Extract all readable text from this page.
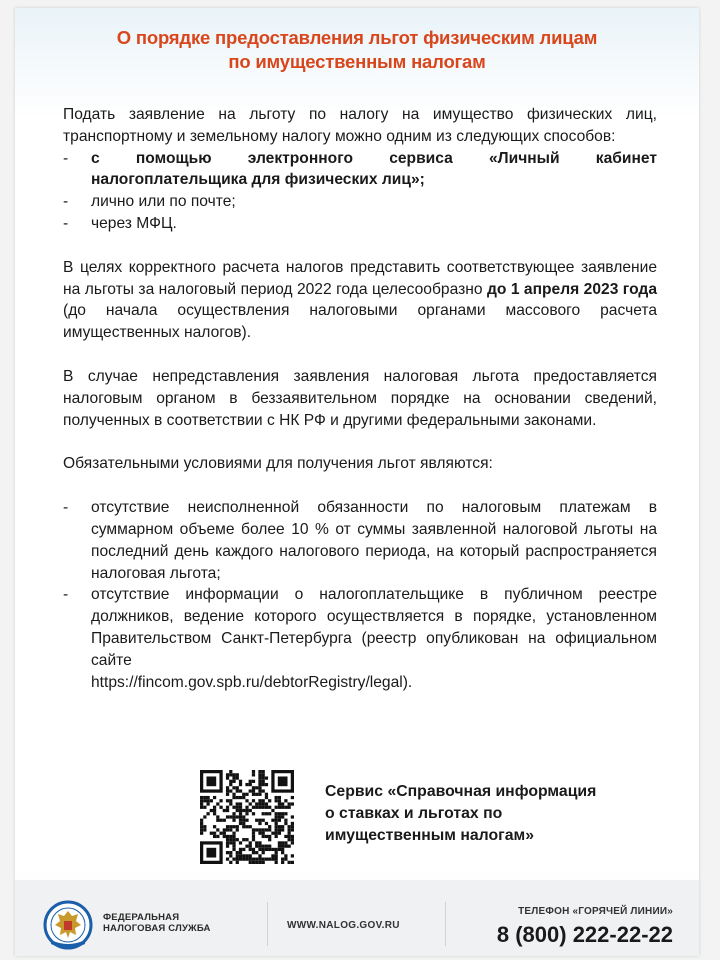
О порядке предоставления льгот физическим лицам
по имущественным налогам

Подать заявление на льготу по налогу на имущество физических лиц, транспортному и земельному налогу можно одним из следующих способов:

-	с помощью электронного сервиса «Личный кабинет налогоплательщика для физических лиц»;
-	лично или по почте;
-	через МФЦ.

В целях корректного расчета налогов представить соответствующее заявление на льготы за налоговый период 2022 года целесообразно до 1 апреля 2023 года (до начала осуществления налоговыми органами массового расчета имущественных налогов).

В случае непредставления заявления налоговая льгота предоставляется налоговым органом в беззаявительном порядке на основании сведений, полученных в соответствии с НК РФ и другими федеральными законами.

Обязательными условиями для получения льгот являются:

-	отсутствие неисполненной обязанности по налоговым платежам в суммарном объеме более 10 % от суммы заявленной налоговой льготы на последний день каждого налогового периода, на который распространяется налоговая льгота;
-	отсутствие информации о налогоплательщике в публичном реестре должников, ведение которого осуществляется в порядке, установленном Правительством Санкт-Петербурга (реестр опубликован на официальном сайте
https://fincom.gov.spb.ru/debtorRegistry/legal).
Сервис «Справочная информация
о ставках и льготах по
имущественным налогам»
ФЕДЕРАЛЬНАЯ
НАЛОГОВАЯ СЛУЖБА	WWW.NALOG.GOV.RU
ТЕЛЕФОН «ГОРЯЧЕЙ ЛИНИИ»
8 (800) 222-22-22
